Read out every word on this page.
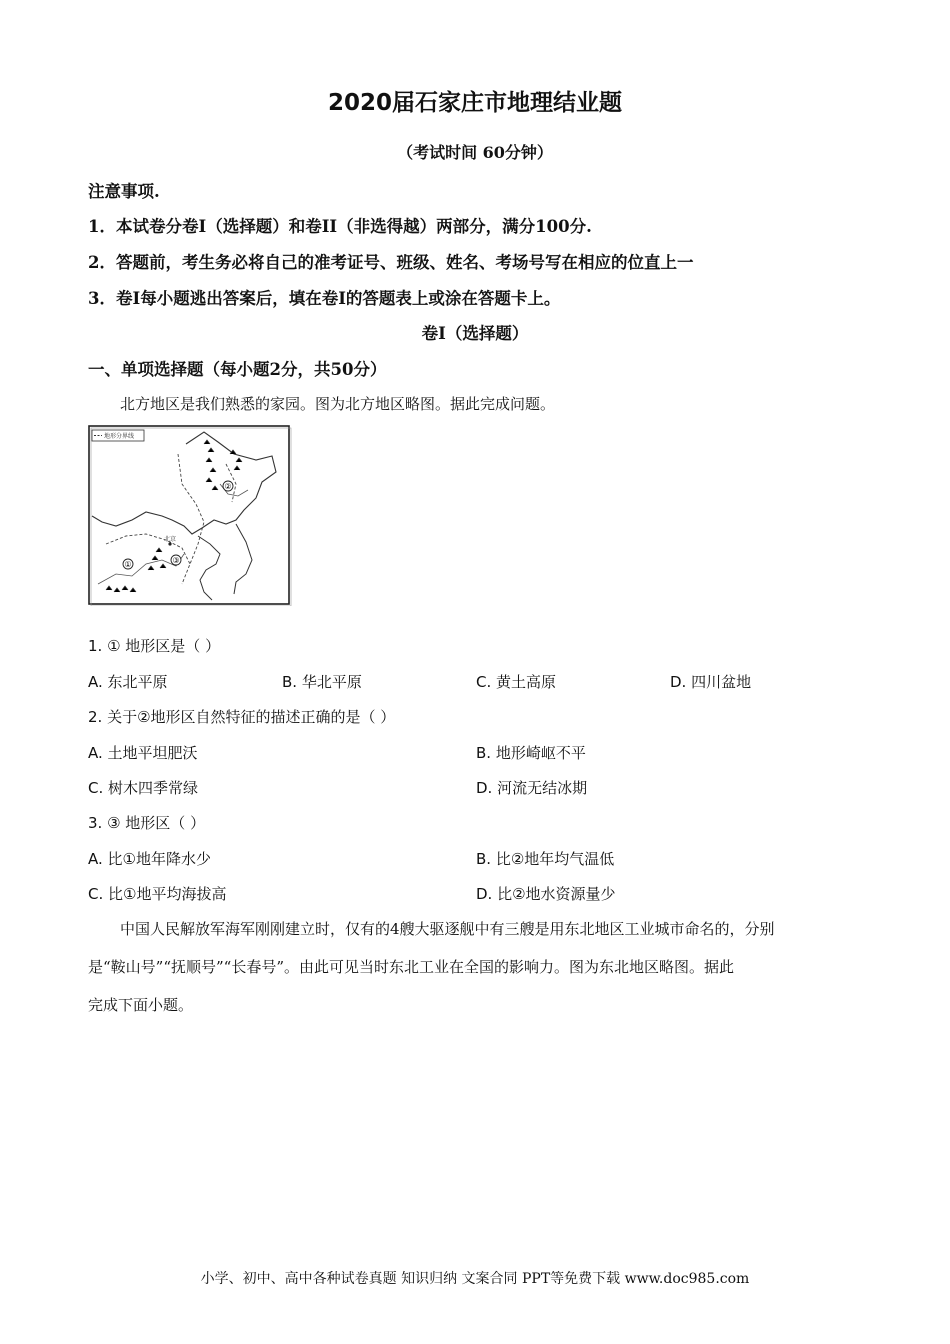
2020届石家庄市地理结业题
（考试时间 60分钟）
注意事项.
1．本试卷分卷Ⅰ（选择题）和卷II（非选得越）两部分，满分100分.
2．答题前，考生务必将自己的准考证号、班级、姓名、考场号写在相应的位直上一
3．卷Ⅰ每小题逃出答案后，填在卷Ⅰ的答题表上或涂在答题卡上。
卷Ⅰ（选择题）
一、单项选择题（每小题2分，共50分）
北方地区是我们熟悉的家园。图为北方地区略图。据此完成问题。
地形分界线
①
②
③
北京
1. ① 地形区是（ ）
A. 东北平原	B. 华北平原	C. 黄土高原	D. 四川盆地
2. 关于②地形区自然特征的描述正确的是（ ）
A. 土地平坦肥沃	B. 地形崎岖不平
C. 树木四季常绿	D. 河流无结冰期
3. ③ 地形区（ ）
A. 比①地年降水少	B. 比②地年均气温低
C. 比①地平均海拔高	D. 比②地水资源量少
中国人民解放军海军刚刚建立时，仅有的4艘大驱逐舰中有三艘是用东北地区工业城市命名的，分别
是“鞍山号”“抚顺号”“长春号”。由此可见当时东北工业在全国的影响力。图为东北地区略图。据此
完成下面小题。
小学、初中、高中各种试卷真题 知识归纳 文案合同 PPT等免费下载 www.doc985.com
